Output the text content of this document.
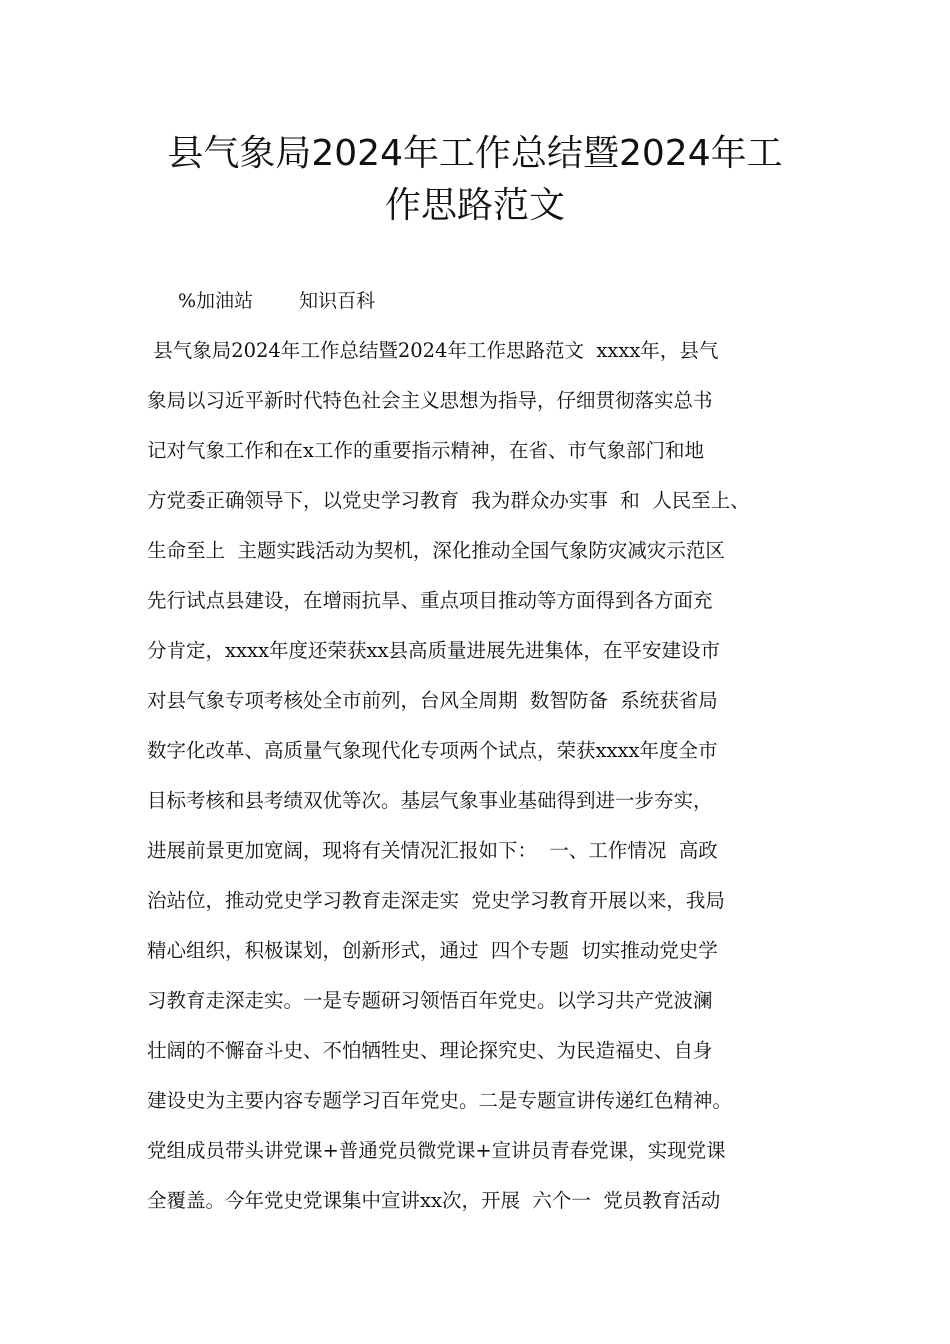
县气象局2024年工作总结暨2024年工
作思路范文
%加油站 知识百科
县气象局2024年工作总结暨2024年工作思路范文  xxxx年，县气
象局以习近平新时代特色社会主义思想为指导，仔细贯彻落实总书
记对气象工作和在x工作的重要指示精神，在省、市气象部门和地
方党委正确领导下，以党史学习教育  我为群众办实事  和  人民至上、
生命至上  主题实践活动为契机，深化推动全国气象防灾减灾示范区
先行试点县建设，在增雨抗旱、重点项目推动等方面得到各方面充
分肯定，xxxx年度还荣获xx县高质量进展先进集体，在平安建设市
对县气象专项考核处全市前列，台风全周期  数智防备  系统获省局
数字化改革、高质量气象现代化专项两个试点，荣获xxxx年度全市
目标考核和县考绩双优等次。基层气象事业基础得到进一步夯实，
进展前景更加宽阔，现将有关情况汇报如下：  一、工作情况  高政
治站位，推动党史学习教育走深走实  党史学习教育开展以来，我局
精心组织，积极谋划，创新形式，通过  四个专题  切实推动党史学
习教育走深走实。一是专题研习领悟百年党史。以学习共产党波澜
壮阔的不懈奋斗史、不怕牺牲史、理论探究史、为民造福史、自身
建设史为主要内容专题学习百年党史。二是专题宣讲传递红色精神。
党组成员带头讲党课+普通党员微党课+宣讲员青春党课，实现党课
全覆盖。今年党史党课集中宣讲xx次，开展  六个一  党员教育活动
